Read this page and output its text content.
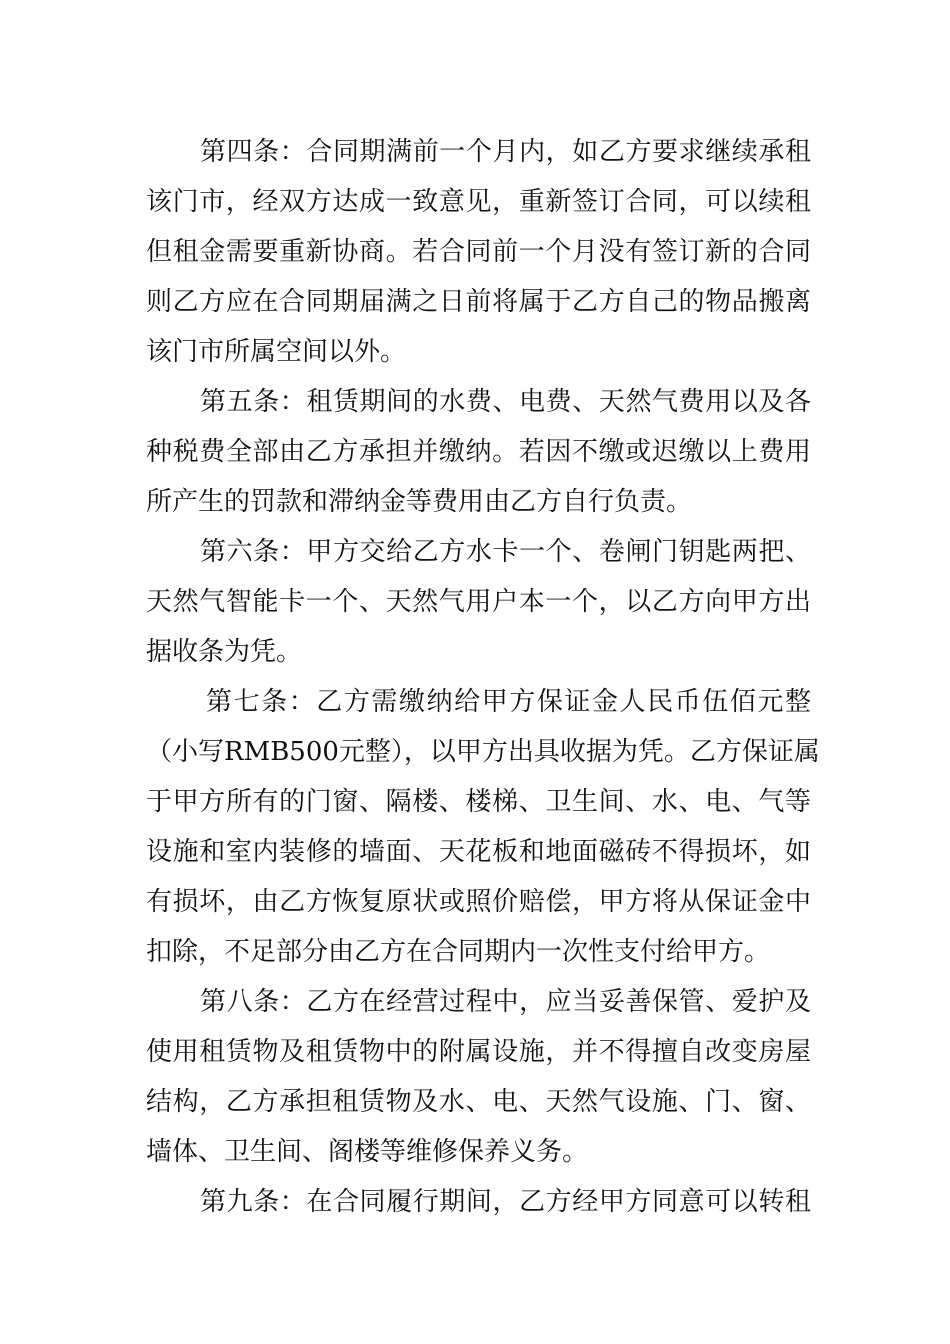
第四条：合同期满前一个月内，如乙方要求继续承租
该门市，经双方达成一致意见，重新签订合同，可以续租
但租金需要重新协商。若合同前一个月没有签订新的合同
则乙方应在合同期届满之日前将属于乙方自己的物品搬离
该门市所属空间以外。
第五条：租赁期间的水费、电费、天然气费用以及各
种税费全部由乙方承担并缴纳。若因不缴或迟缴以上费用
所产生的罚款和滞纳金等费用由乙方自行负责。
第六条：甲方交给乙方水卡一个、卷闸门钥匙两把、
天然气智能卡一个、天然气用户本一个，以乙方向甲方出
据收条为凭。
第七条：乙方需缴纳给甲方保证金人民币伍佰元整
（小写RMB500元整），以甲方出具收据为凭。乙方保证属
于甲方所有的门窗、隔楼、楼梯、卫生间、水、电、气等
设施和室内装修的墙面、天花板和地面磁砖不得损坏，如
有损坏，由乙方恢复原状或照价赔偿，甲方将从保证金中
扣除，不足部分由乙方在合同期内一次性支付给甲方。
第八条：乙方在经营过程中，应当妥善保管、爱护及
使用租赁物及租赁物中的附属设施，并不得擅自改变房屋
结构，乙方承担租赁物及水、电、天然气设施、门、窗、
墙体、卫生间、阁楼等维修保养义务。
第九条：在合同履行期间，乙方经甲方同意可以转租
